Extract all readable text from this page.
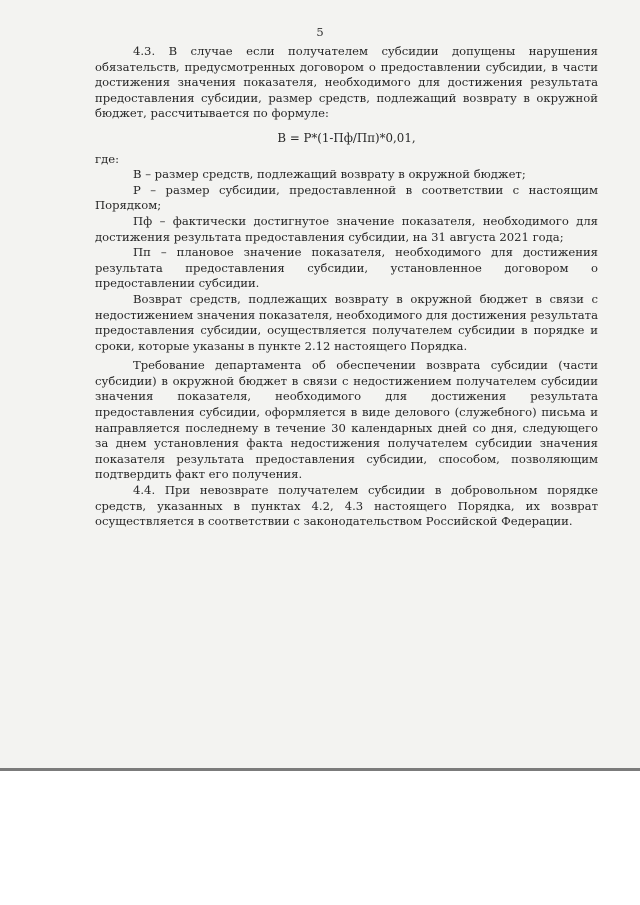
5

4.3. В случае если получателем субсидии допущены нарушения обязательств, предусмотренных договором о предоставлении субсидии, в части достижения значения показателя, необходимого для достижения результата предоставления субсидии, размер средств, подлежащий возврату в окружной бюджет, рассчитывается по формуле:

В = Р*(1-Пф/Пп)*0,01,

где:

В – размер средств, подлежащий возврату в окружной бюджет;

Р – размер субсидии, предоставленной в соответствии с настоящим Порядком;

Пф – фактически достигнутое значение показателя, необходимого для достижения результата предоставления субсидии, на 31 августа 2021 года;

Пп – плановое значение показателя, необходимого для достижения результата предоставления субсидии, установленное договором о предоставлении субсидии.

Возврат средств, подлежащих возврату в окружной бюджет в связи с недостижением значения показателя, необходимого для достижения результата предоставления субсидии, осуществляется получателем субсидии в порядке и сроки, которые указаны в пункте 2.12 настоящего Порядка.

Требование департамента об обеспечении возврата субсидии (части субсидии) в окружной бюджет в связи с недостижением получателем субсидии значения показателя, необходимого для достижения результата предоставления субсидии, оформляется в виде делового (служебного) письма и направляется последнему в течение 30 календарных дней со дня, следующего за днем установления факта недостижения получателем субсидии значения показателя результата предоставления субсидии, способом, позволяющим подтвердить факт его получения.

4.4. При невозврате получателем субсидии в добровольном порядке средств, указанных в пунктах 4.2, 4.3 настоящего Порядка, их возврат осуществляется в соответствии с законодательством Российской Федерации.
